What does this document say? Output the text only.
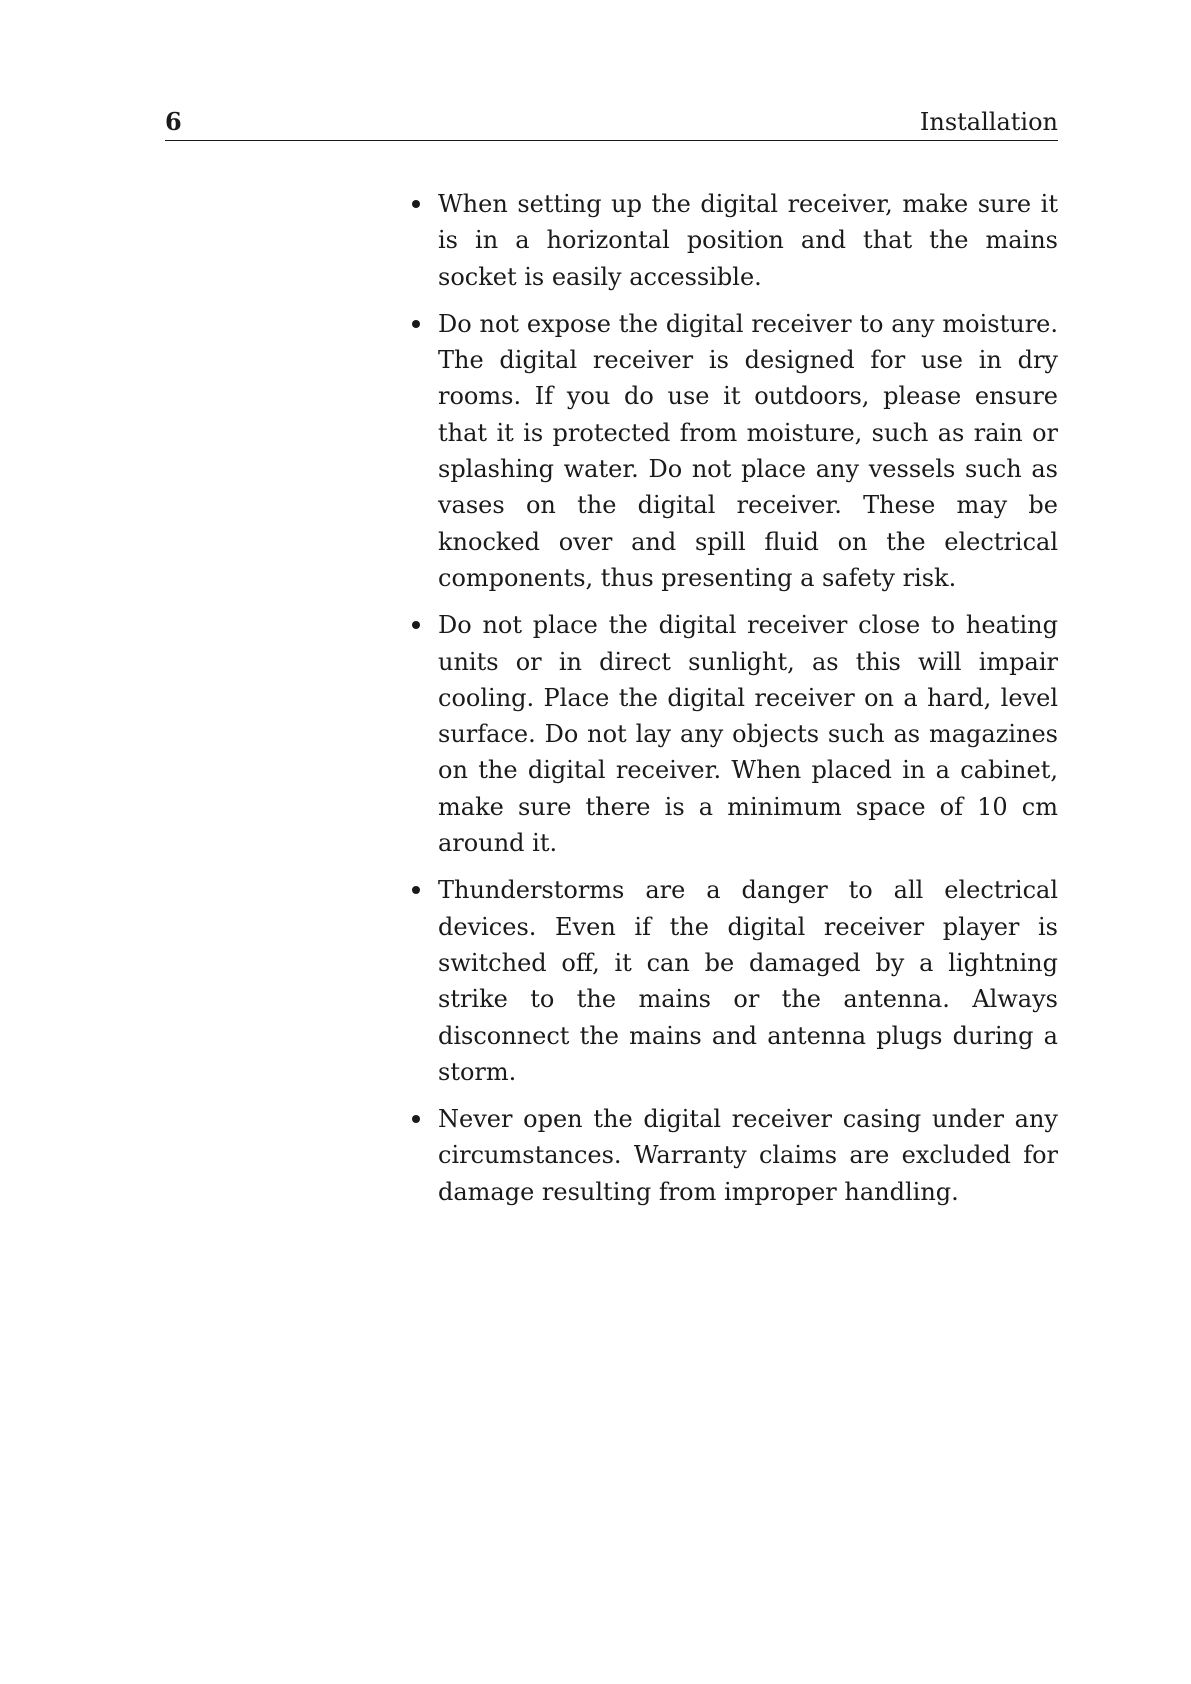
6	Installation
When setting up the digital receiver, make sure it is in a horizontal position and that the mains socket is easily accessible.
Do not expose the digital receiver to any moisture. The digital receiver is designed for use in dry rooms. If you do use it outdoors, please ensure that it is protected from moisture, such as rain or splashing water. Do not place any vessels such as vases on the digital receiver. These may be knocked over and spill fluid on the electrical components, thus presenting a safety risk.
Do not place the digital receiver close to heating units or in direct sunlight, as this will impair cooling. Place the digital receiver on a hard, level surface. Do not lay any objects such as magazines on the digital receiver. When placed in a cabinet, make sure there is a minimum space of 10 cm around it.
Thunderstorms are a danger to all electrical devices. Even if the digital receiver player is switched off, it can be damaged by a lightning strike to the mains or the antenna. Always disconnect the mains and antenna plugs during a storm.
Never open the digital receiver casing under any circumstances. Warranty claims are excluded for damage resulting from improper handling.
